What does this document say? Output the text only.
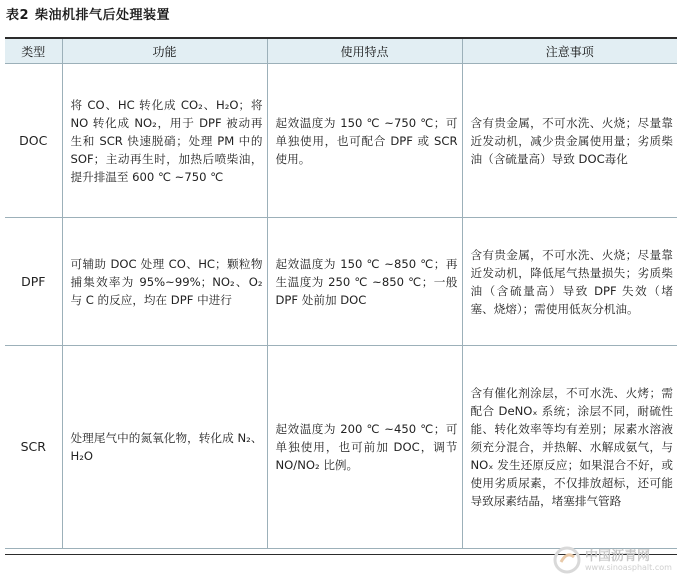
表2 柴油机排气后处理装置
类型	功能	使用特点	注意事项
DOC	将 CO、HC 转化成 CO₂、H₂O；将 NO 转化成 NO₂，用于 DPF 被动再生和 SCR 快速脱硝；处理 PM 中的 SOF；主动再生时，加热后喷柴油，提升排温至 600 ℃ ~750 ℃	起效温度为 150 ℃ ~750 ℃；可单独使用，也可配合 DPF 或 SCR 使用。	含有贵金属，不可水洗、火烧；尽量靠近发动机，减少贵金属使用量；劣质柴油（含硫量高）导致 DOC毒化
DPF	可辅助 DOC 处理 CO、HC；颗粒物捕集效率为 95%~99%；NO₂、O₂ 与 C 的反应，均在 DPF 中进行	起效温度为 150 ℃ ~850 ℃；再生温度为 250 ℃ ~850 ℃；一般 DPF 处前加 DOC	含有贵金属，不可水洗、火烧；尽量靠近发动机，降低尾气热量损失；劣质柴油（含硫量高）导致 DPF 失效（堵塞、烧熔）；需使用低灰分机油。
SCR	处理尾气中的氮氧化物，转化成 N₂、H₂O	起效温度为 200 ℃ ~450 ℃；可单独使用，也可前加 DOC，调节 NO/NO₂ 比例。	含有催化剂涂层，不可水洗、火烤；需配合 DeNOₓ 系统；涂层不同，耐硫性能、转化效率等均有差别；尿素水溶液须充分混合，并热解、水解成氨气，与 NOₓ 发生还原反应；如果混合不好，或使用劣质尿素，不仅排放超标，还可能导致尿素结晶，堵塞排气管路
中国沥青网
www.sinoasphalt.com
